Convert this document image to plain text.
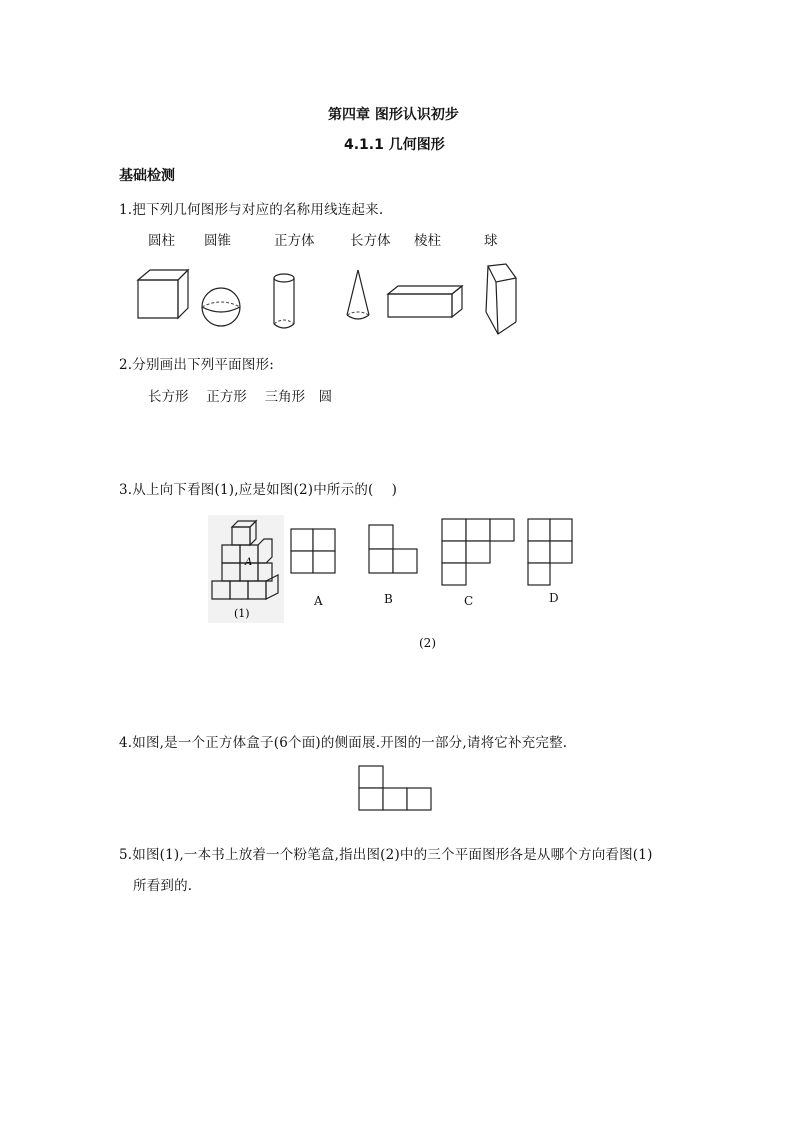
第四章 图形认识初步
4.1.1 几何图形
基础检测
1.把下列几何图形与对应的名称用线连起来.
圆柱 圆锥	正方体	长方体 棱柱	球
2.分别画出下列平面图形:
长方形　 正方形　 三角形　圆
3.从上向下看图(1),应是如图(2)中所示的(　 )
A
(1)
A	B	C	D
(2)
4.如图,是一个正方体盒子(6个面)的侧面展.开图的一部分,请将它补充完整.
5.如图(1),一本书上放着一个粉笔盒,指出图(2)中的三个平面图形各是从哪个方向看图(1)
所看到的.
